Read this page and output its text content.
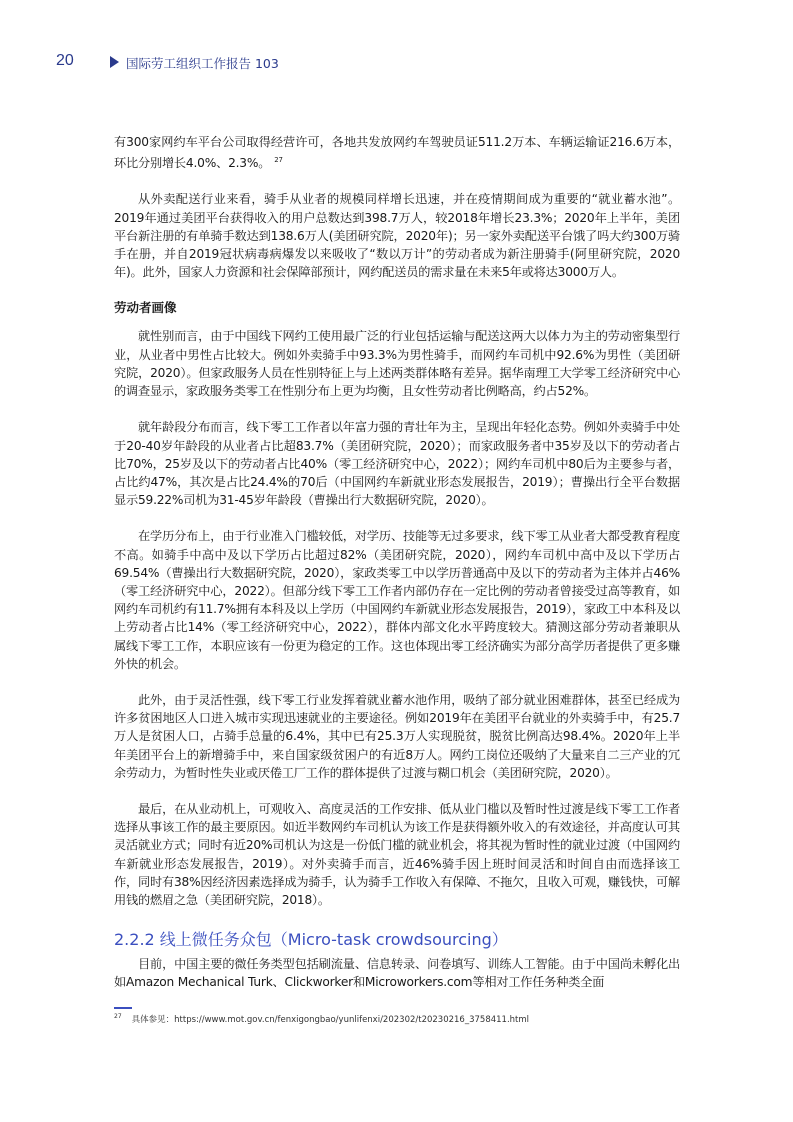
20	国际劳工组织工作报告 103

有300家网约车平台公司取得经营许可，各地共发放网约车驾驶员证511.2万本、车辆运输证216.6万本，环比分别增长4.0%、2.3%。 $^{27}$

从外卖配送行业来看，骑手从业者的规模同样增长迅速，并在疫情期间成为重要的“就业蓄水池”。2019年通过美团平台获得收入的用户总数达到398.7万人，较2018年增长23.3%；2020年上半年，美团平台新注册的有单骑手数达到138.6万人(美团研究院，2020年)；另一家外卖配送平台饿了吗大约300万骑手在册，并自2019冠状病毒病爆发以来吸收了“数以万计”的劳动者成为新注册骑手(阿里研究院，2020年)。此外，国家人力资源和社会保障部预计，网约配送员的需求量在未来5年或将达3000万人。

劳动者画像

就性别而言，由于中国线下网约工使用最广泛的行业包括运输与配送这两大以体力为主的劳动密集型行业，从业者中男性占比较大。例如外卖骑手中93.3%为男性骑手，而网约车司机中92.6%为男性（美团研究院，2020）。但家政服务人员在性别特征上与上述两类群体略有差异。据华南理工大学零工经济研究中心的调查显示，家政服务类零工在性别分布上更为均衡，且女性劳动者比例略高，约占52%。

就年龄段分布而言，线下零工工作者以年富力强的青壮年为主，呈现出年轻化态势。例如外卖骑手中处于20-40岁年龄段的从业者占比超83.7%（美团研究院，2020）；而家政服务者中35岁及以下的劳动者占比70%，25岁及以下的劳动者占比40%（零工经济研究中心，2022）；网约车司机中80后为主要参与者，占比约47%，其次是占比24.4%的70后（中国网约车新就业形态发展报告，2019）；曹操出行全平台数据显示59.22%司机为31-45岁年龄段（曹操出行大数据研究院，2020）。

在学历分布上，由于行业准入门槛较低，对学历、技能等无过多要求，线下零工从业者大都受教育程度不高。如骑手中高中及以下学历占比超过82%（美团研究院，2020），网约车司机中高中及以下学历占69.54%（曹操出行大数据研究院，2020），家政类零工中以学历普通高中及以下的劳动者为主体并占46%（零工经济研究中心，2022）。但部分线下零工工作者内部仍存在一定比例的劳动者曾接受过高等教育，如网约车司机约有11.7%拥有本科及以上学历（中国网约车新就业形态发展报告，2019），家政工中本科及以上劳动者占比14%（零工经济研究中心，2022），群体内部文化水平跨度较大。猜测这部分劳动者兼职从属线下零工工作，本职应该有一份更为稳定的工作。这也体现出零工经济确实为部分高学历者提供了更多赚外快的机会。

此外，由于灵活性强，线下零工行业发挥着就业蓄水池作用，吸纳了部分就业困难群体，甚至已经成为许多贫困地区人口进入城市实现迅速就业的主要途径。例如2019年在美团平台就业的外卖骑手中，有25.7万人是贫困人口，占骑手总量的6.4%，其中已有25.3万人实现脱贫，脱贫比例高达98.4%。2020年上半年美团平台上的新增骑手中，来自国家级贫困户的有近8万人。网约工岗位还吸纳了大量来自二三产业的冗余劳动力，为暂时性失业或厌倦工厂工作的群体提供了过渡与糊口机会（美团研究院，2020）。

最后，在从业动机上，可观收入、高度灵活的工作安排、低从业门槛以及暂时性过渡是线下零工工作者选择从事该工作的最主要原因。如近半数网约车司机认为该工作是获得额外收入的有效途径，并高度认可其灵活就业方式；同时有近20%司机认为这是一份低门槛的就业机会，将其视为暂时性的就业过渡（中国网约车新就业形态发展报告，2019）。对外卖骑手而言，近46%骑手因上班时间灵活和时间自由而选择该工作，同时有38%因经济因素选择成为骑手，认为骑手工作收入有保障、不拖欠，且收入可观，赚钱快，可解用钱的燃眉之急（美团研究院，2018）。

2.2.2 线上微任务众包（Micro-task crowdsourcing）

目前，中国主要的微任务类型包括刷流量、信息转录、问卷填写、训练人工智能。由于中国尚未孵化出如Amazon Mechanical Turk、Clickworker和Microworkers.com等相对工作任务种类全面

$^{27}$ 具体参见：https://www.mot.gov.cn/fenxigongbao/yunlifenxi/202302/t20230216_3758411.html
